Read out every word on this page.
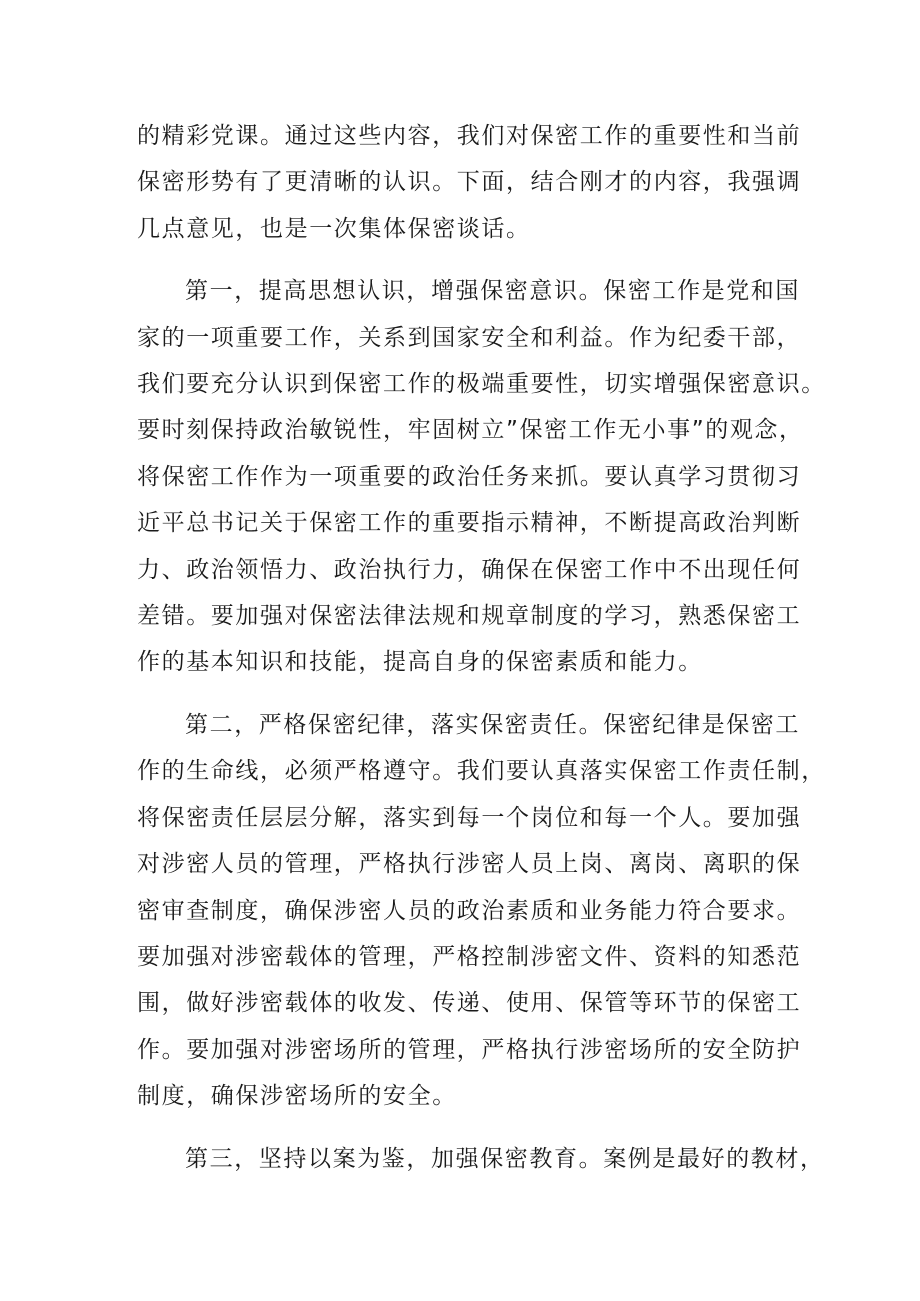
的精彩党课。通过这些内容，我们对保密工作的重要性和当前
保密形势有了更清晰的认识。下面，结合刚才的内容，我强调
几点意见，也是一次集体保密谈话。
第一，提高思想认识，增强保密意识。保密工作是党和国
家的一项重要工作，关系到国家安全和利益。作为纪委干部，
我们要充分认识到保密工作的极端重要性，切实增强保密意识。
要时刻保持政治敏锐性，牢固树立”保密工作无小事”的观念，
将保密工作作为一项重要的政治任务来抓。要认真学习贯彻习
近平总书记关于保密工作的重要指示精神，不断提高政治判断
力、政治领悟力、政治执行力，确保在保密工作中不出现任何
差错。要加强对保密法律法规和规章制度的学习，熟悉保密工
作的基本知识和技能，提高自身的保密素质和能力。
第二，严格保密纪律，落实保密责任。保密纪律是保密工
作的生命线，必须严格遵守。我们要认真落实保密工作责任制，
将保密责任层层分解，落实到每一个岗位和每一个人。要加强
对涉密人员的管理，严格执行涉密人员上岗、离岗、离职的保
密审查制度，确保涉密人员的政治素质和业务能力符合要求。
要加强对涉密载体的管理，严格控制涉密文件、资料的知悉范
围，做好涉密载体的收发、传递、使用、保管等环节的保密工
作。要加强对涉密场所的管理，严格执行涉密场所的安全防护
制度，确保涉密场所的安全。
第三，坚持以案为鉴，加强保密教育。案例是最好的教材，
